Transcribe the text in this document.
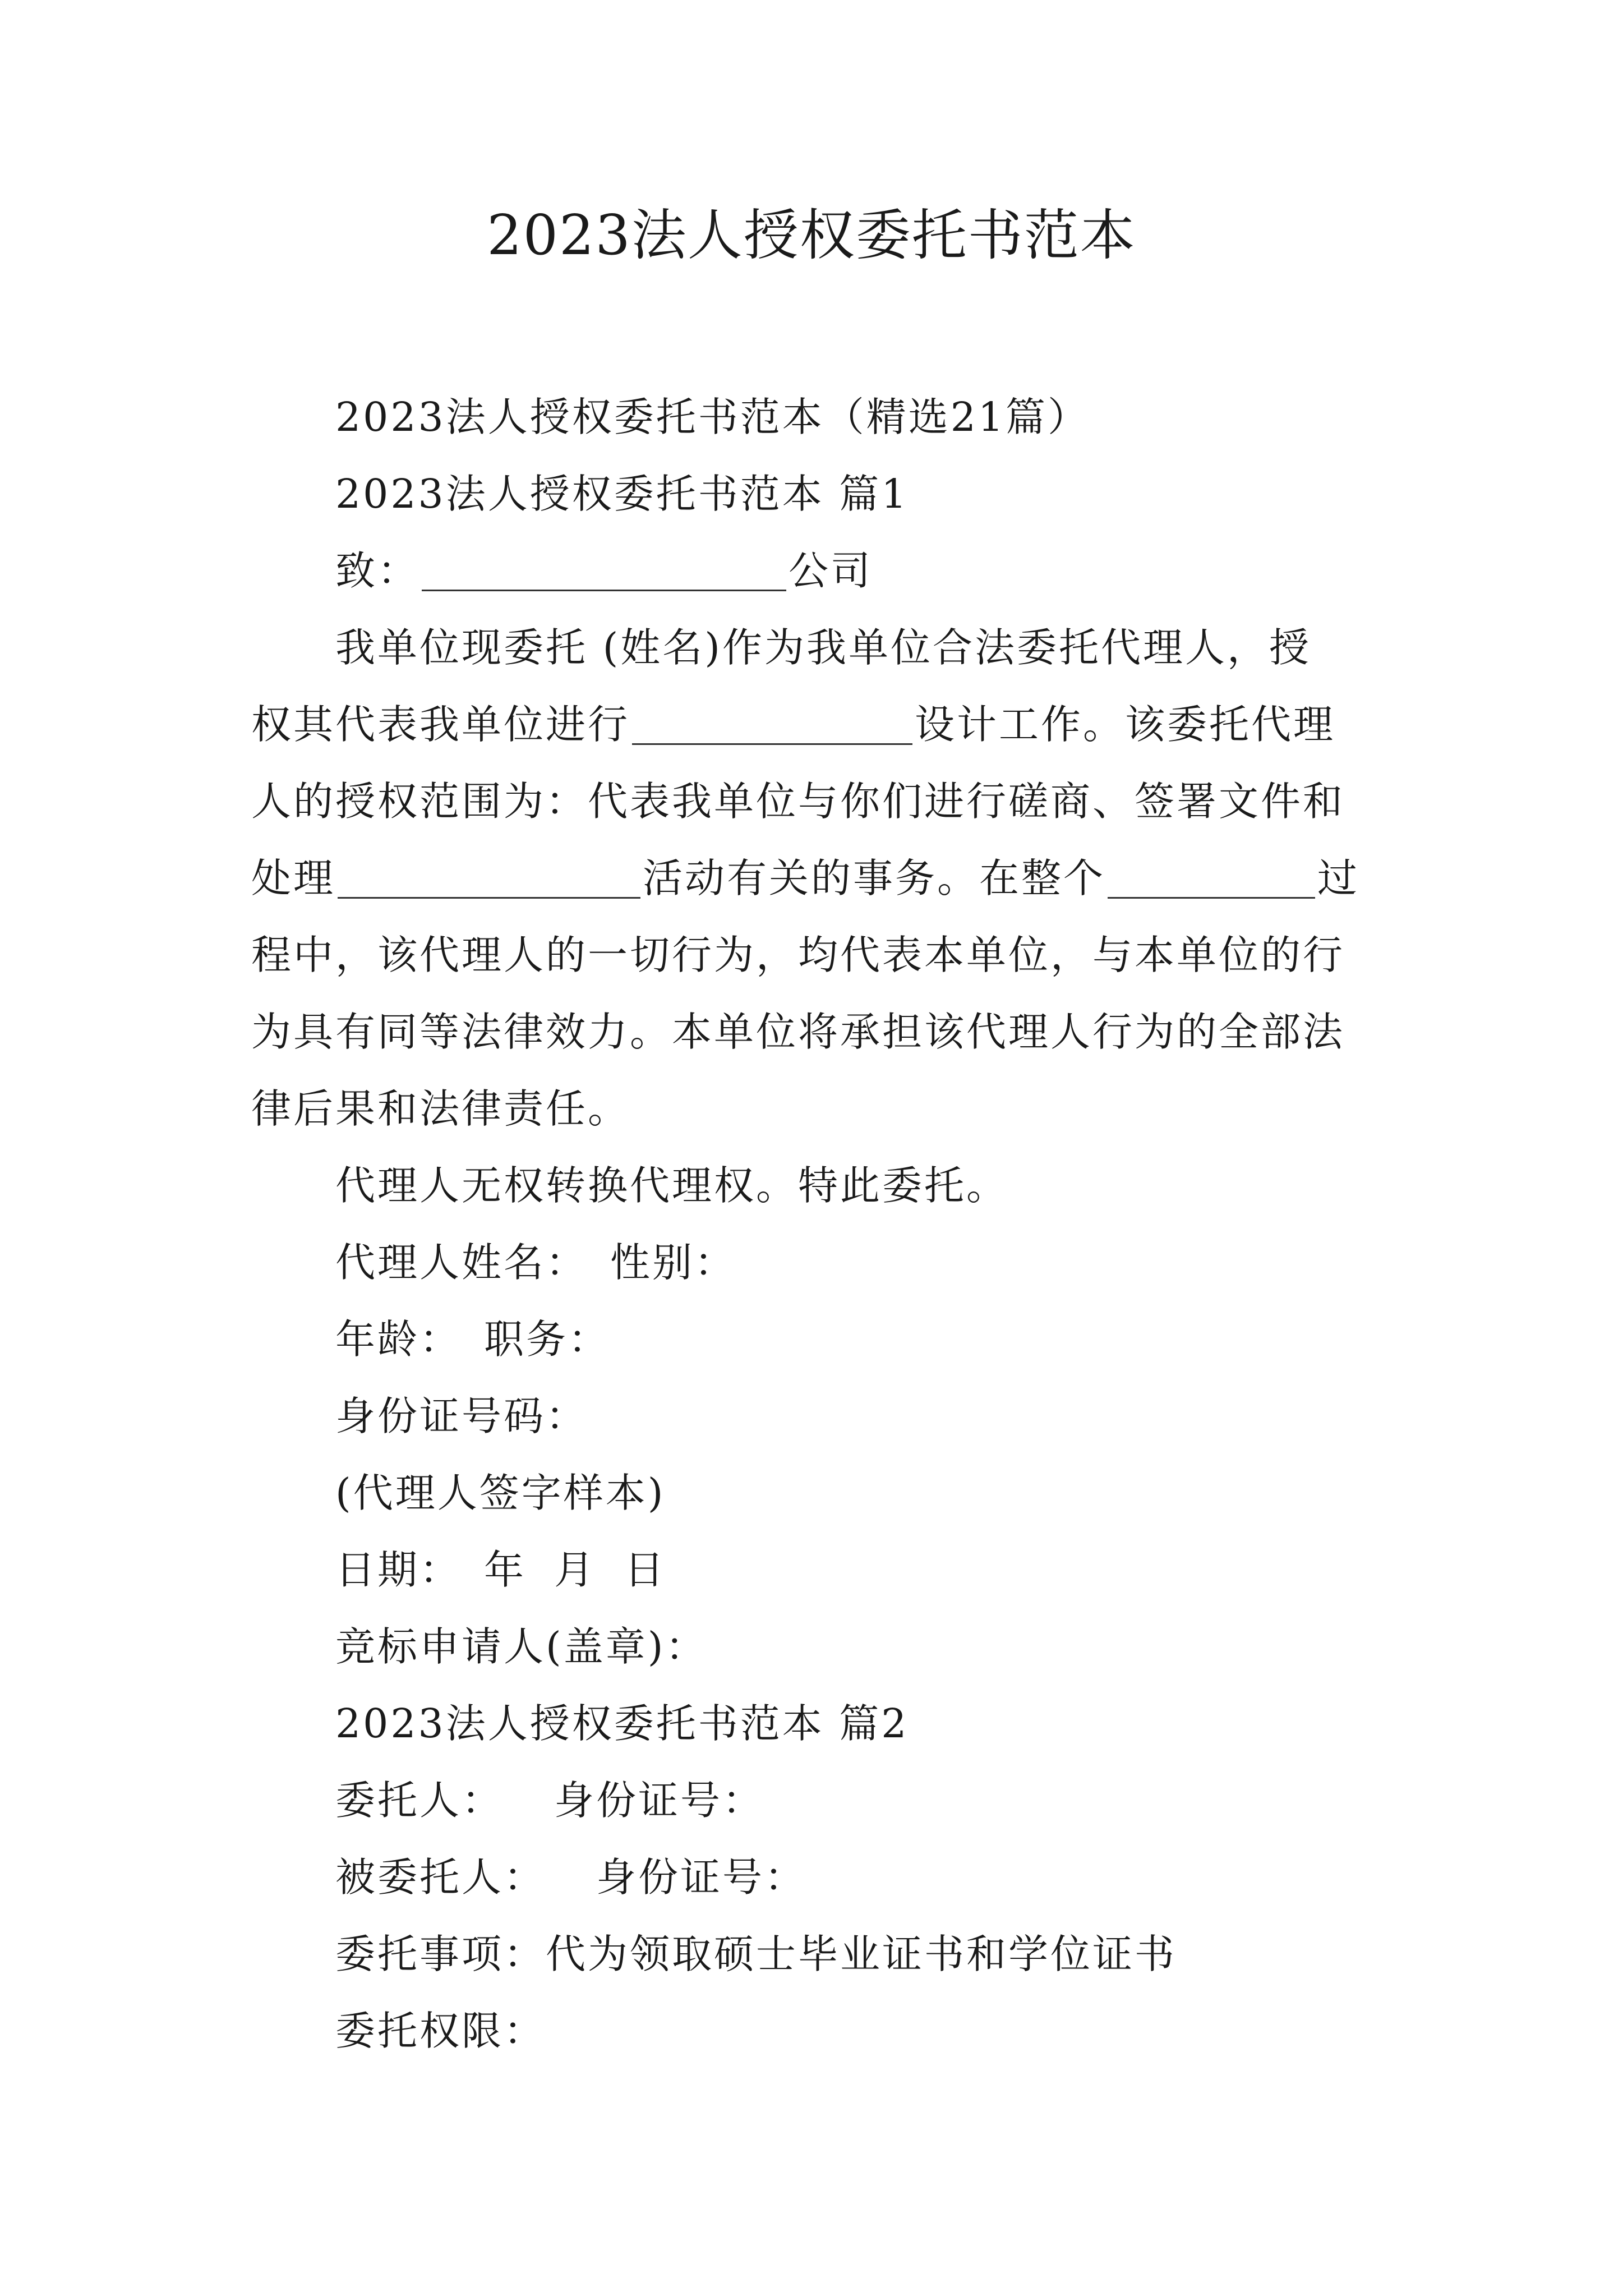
2023法人授权委托书范本
2023法人授权委托书范本（精选21篇）
2023法人授权委托书范本 篇1
致：	公司
我单位现委托 (姓名)作为我单位合法委托代理人，授
权其代表我单位进行	设计工作。该委托代理
人的授权范围为：代表我单位与你们进行磋商、签署文件和
处理	活动有关的事务。在整个	过
程中，该代理人的一切行为，均代表本单位，与本单位的行
为具有同等法律效力。本单位将承担该代理人行为的全部法
律后果和法律责任。
代理人无权转换代理权。特此委托。
代理人姓名： 性别：
年龄： 职务：
身份证号码：
(代理人签字样本)
日期： 年 月 日
竞标申请人(盖章)：
2023法人授权委托书范本 篇2
委托人： 身份证号：
被委托人： 身份证号：
委托事项：代为领取硕士毕业证书和学位证书
委托权限：
